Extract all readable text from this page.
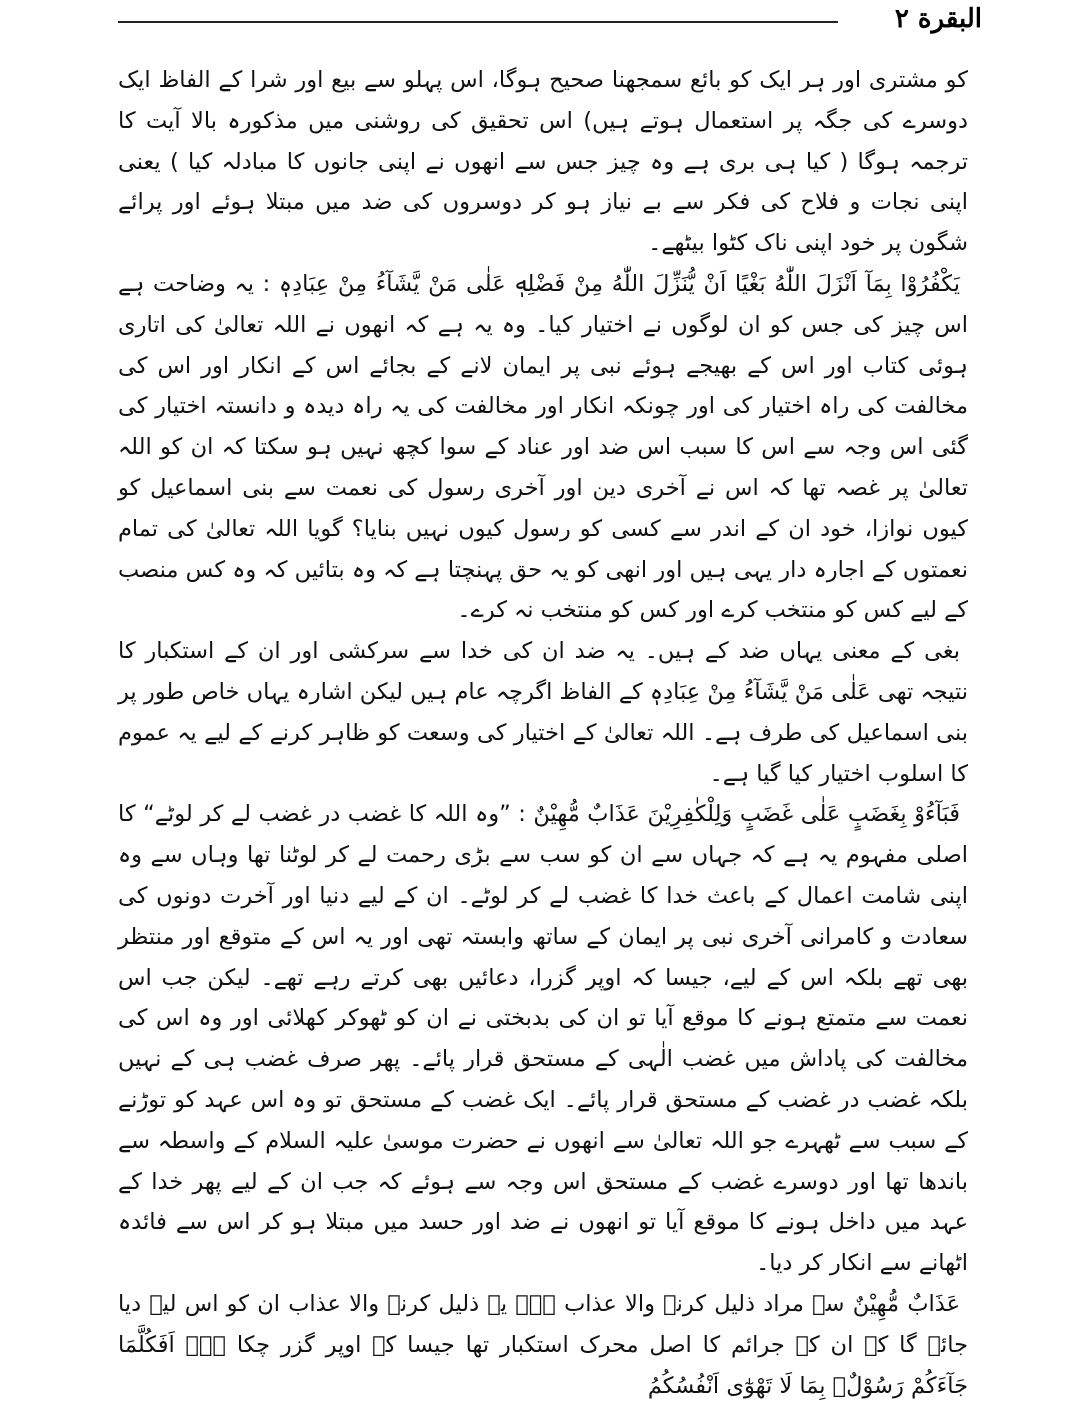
البقرة ٢

کو مشتری اور ہر ایک کو بائع سمجھنا صحیح ہوگا، اس پہلو سے بیع اور شرا کے الفاظ ایک دوسرے کی جگہ پر استعمال ہوتے ہیں) اس تحقیق کی روشنی میں مذکورہ بالا آیت کا ترجمہ ہوگا ( کیا ہی بری ہے وہ چیز جس سے انھوں نے اپنی جانوں کا مبادلہ کیا ) یعنی اپنی نجات و فلاح کی فکر سے بے نیاز ہو کر دوسروں کی ضد میں مبتلا ہوئے اور پرائے شگون پر خود اپنی ناک کٹوا بیٹھے۔

یَکْفُرُوْا بِمَآ اَنْزَلَ اللّٰهُ بَغْيًا اَنْ يُّنَزِّلَ اللّٰهُ مِنْ فَضْلِهٖ عَلٰى مَنْ يَّشَآءُ مِنْ عِبَادِهٖ : یہ وضاحت ہے اس چیز کی جس کو ان لوگوں نے اختیار کیا۔ وہ یہ ہے کہ انھوں نے اللہ تعالیٰ کی اتاری ہوئی کتاب اور اس کے بھیجے ہوئے نبی پر ایمان لانے کے بجائے اس کے انکار اور اس کی مخالفت کی راہ اختیار کی اور چونکہ انکار اور مخالفت کی یہ راہ دیدہ و دانستہ اختیار کی گئی اس وجہ سے اس کا سبب اس ضد اور عناد کے سوا کچھ نہیں ہو سکتا کہ ان کو اللہ تعالیٰ پر غصہ تھا کہ اس نے آخری دین اور آخری رسول کی نعمت سے بنی اسماعیل کو کیوں نوازا، خود ان کے اندر سے کسی کو رسول کیوں نہیں بنایا؟ گویا اللہ تعالیٰ کی تمام نعمتوں کے اجارہ دار یہی ہیں اور انھی کو یہ حق پہنچتا ہے کہ وہ بتائیں کہ وہ کس منصب کے لیے کس کو منتخب کرے اور کس کو منتخب نہ کرے۔

بغی کے معنی یہاں ضد کے ہیں۔ یہ ضد ان کی خدا سے سرکشی اور ان کے استکبار کا نتیجہ تھی عَلٰى مَنْ يَّشَآءُ مِنْ عِبَادِهٖ کے الفاظ اگرچہ عام ہیں لیکن اشارہ یہاں خاص طور پر بنی اسماعیل کی طرف ہے۔ اللہ تعالیٰ کے اختیار کی وسعت کو ظاہر کرنے کے لیے یہ عموم کا اسلوب اختیار کیا گیا ہے۔

فَبَآءُوْ بِغَضَبٍ عَلٰى غَضَبٍ وَلِلْكٰفِرِيْنَ عَذَابٌ مُّهِيْنٌ : ”وہ اللہ کا غضب در غضب لے کر لوٹے“ کا اصلی مفہوم یہ ہے کہ جہاں سے ان کو سب سے بڑی رحمت لے کر لوٹنا تھا وہاں سے وہ اپنی شامت اعمال کے باعث خدا کا غضب لے کر لوٹے۔ ان کے لیے دنیا اور آخرت دونوں کی سعادت و کامرانی آخری نبی پر ایمان کے ساتھ وابستہ تھی اور یہ اس کے متوقع اور منتظر بھی تھے بلکہ اس کے لیے، جیسا کہ اوپر گزرا، دعائیں بھی کرتے رہے تھے۔ لیکن جب اس نعمت سے متمتع ہونے کا موقع آیا تو ان کی بدبختی نے ان کو ٹھوکر کھلائی اور وہ اس کی مخالفت کی پاداش میں غضب الٰہی کے مستحق قرار پائے۔ پھر صرف غضب ہی کے نہیں بلکہ غضب در غضب کے مستحق قرار پائے۔ ایک غضب کے مستحق تو وہ اس عہد کو توڑنے کے سبب سے ٹھہرے جو اللہ تعالیٰ سے انھوں نے حضرت موسیٰ علیہ السلام کے واسطہ سے باندھا تھا اور دوسرے غضب کے مستحق اس وجہ سے ہوئے کہ جب ان کے لیے پھر خدا کے عہد میں داخل ہونے کا موقع آیا تو انھوں نے ضد اور حسد میں مبتلا ہو کر اس سے فائدہ اٹھانے سے انکار کر دیا۔

عَذَابٌ مُّهِيْنٌ سے مراد ذلیل کرنے والا عذاب ہے۔ یہ ذلیل کرنے والا عذاب ان کو اس لیے دیا جائے گا کہ ان کے جرائم کا اصل محرک استکبار تھا جیسا کہ اوپر گزر چکا ہے۔ اَفَكُلَّمَا جَآءَكُمْ رَسُوْلٌۢ بِمَا لَا تَهْوٰٓى اَنْفُسُكُمُ
